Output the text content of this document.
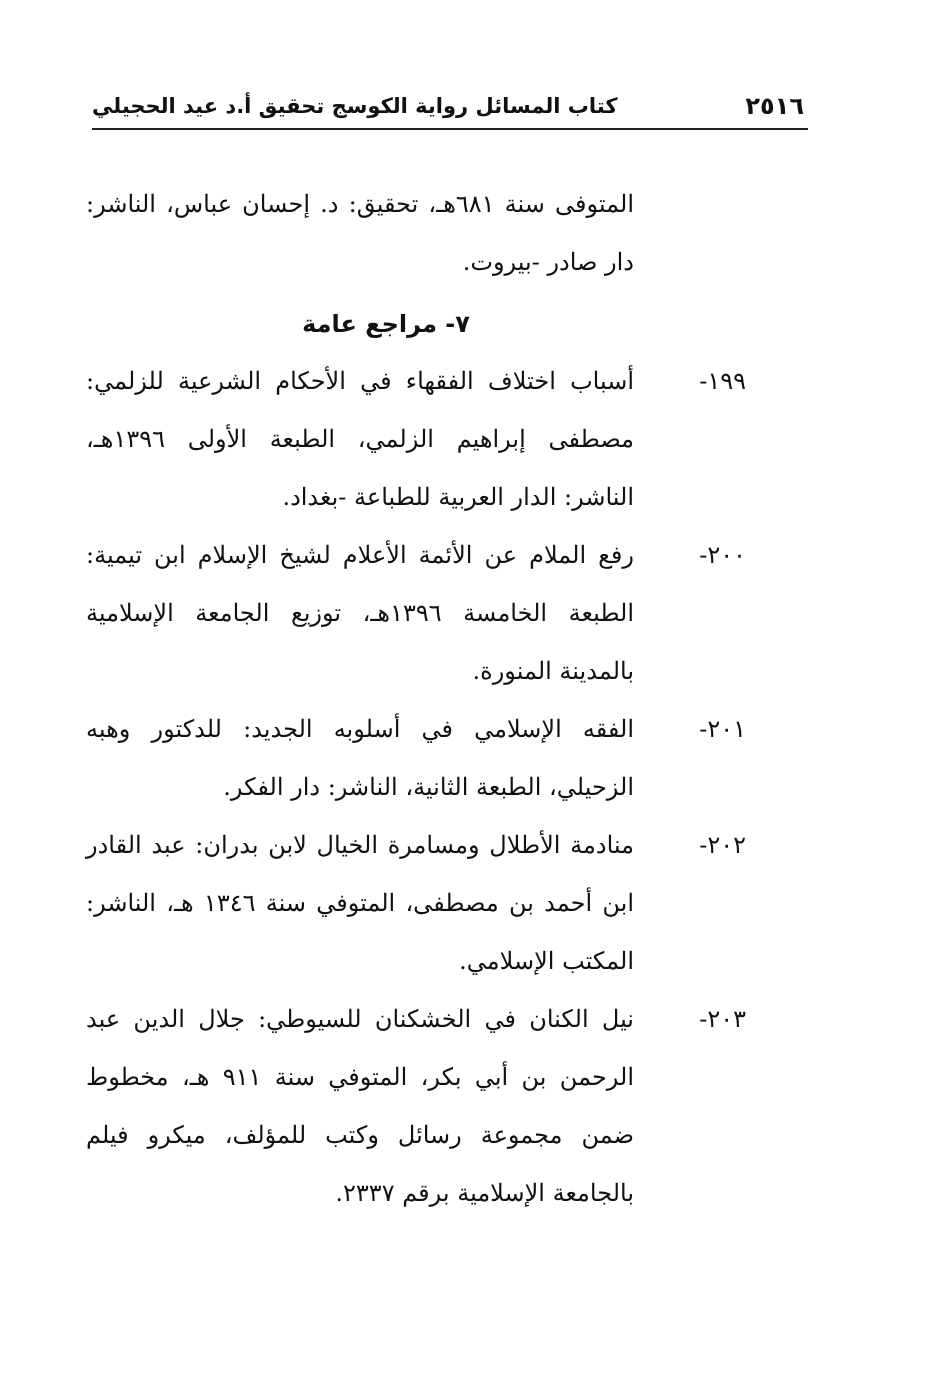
٢٥١٦
كتاب المسائل رواية الكوسج تحقيق أ.د عيد الحجيلي

المتوفى سنة ٦٨١هـ، تحقيق: د. إحسان عباس، الناشر: دار صادر -بيروت.

٧- مراجع عامة
١٩٩-
أسباب اختلاف الفقهاء في الأحكام الشرعية للزلمي: مصطفى إبراهيم الزلمي، الطبعة الأولى ١٣٩٦هـ، الناشر: الدار العربية للطباعة -بغداد.
٢٠٠-
رفع الملام عن الأئمة الأعلام لشيخ الإسلام ابن تيمية: الطبعة الخامسة ١٣٩٦هـ، توزيع الجامعة الإسلامية بالمدينة المنورة.
٢٠١-
الفقه الإسلامي في أسلوبه الجديد: للدكتور وهبه الزحيلي، الطبعة الثانية، الناشر: دار الفكر.
٢٠٢-
منادمة الأطلال ومسامرة الخيال لابن بدران: عبد القادر ابن أحمد بن مصطفى، المتوفي سنة ١٣٤٦ هـ، الناشر: المكتب الإسلامي.
٢٠٣-
نيل الكنان في الخشكنان للسيوطي: جلال الدين عبد الرحمن بن أبي بكر، المتوفي سنة ٩١١ هـ، مخطوط ضمن مجموعة رسائل وكتب للمؤلف، ميكرو فيلم بالجامعة الإسلامية برقم ٢٣٣٧.
